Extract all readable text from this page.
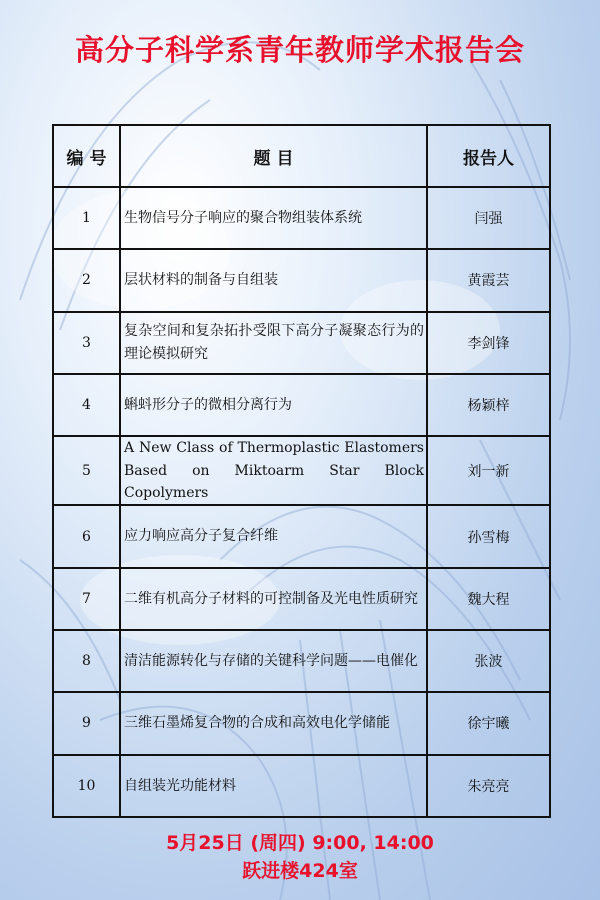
高分子科学系青年教师学术报告会
编 号	题 目	报告人
1	生物信号分子响应的聚合物组装体系统	闫强
2	层状材料的制备与自组装	黄霞芸
3	复杂空间和复杂拓扑受限下高分子凝聚态行为的理论模拟研究	李剑锋
4	蝌蚪形分子的微相分离行为	杨颖梓
5	A New Class of Thermoplastic Elastomers Based on Miktoarm Star Block Copolymers	刘一新
6	应力响应高分子复合纤维	孙雪梅
7	二维有机高分子材料的可控制备及光电性质研究	魏大程
8	清洁能源转化与存储的关键科学问题——电催化	张波
9	三维石墨烯复合物的合成和高效电化学储能	徐宇曦
10	自组装光功能材料	朱亮亮
5月25日 (周四) 9:00, 14:00
跃进楼424室
